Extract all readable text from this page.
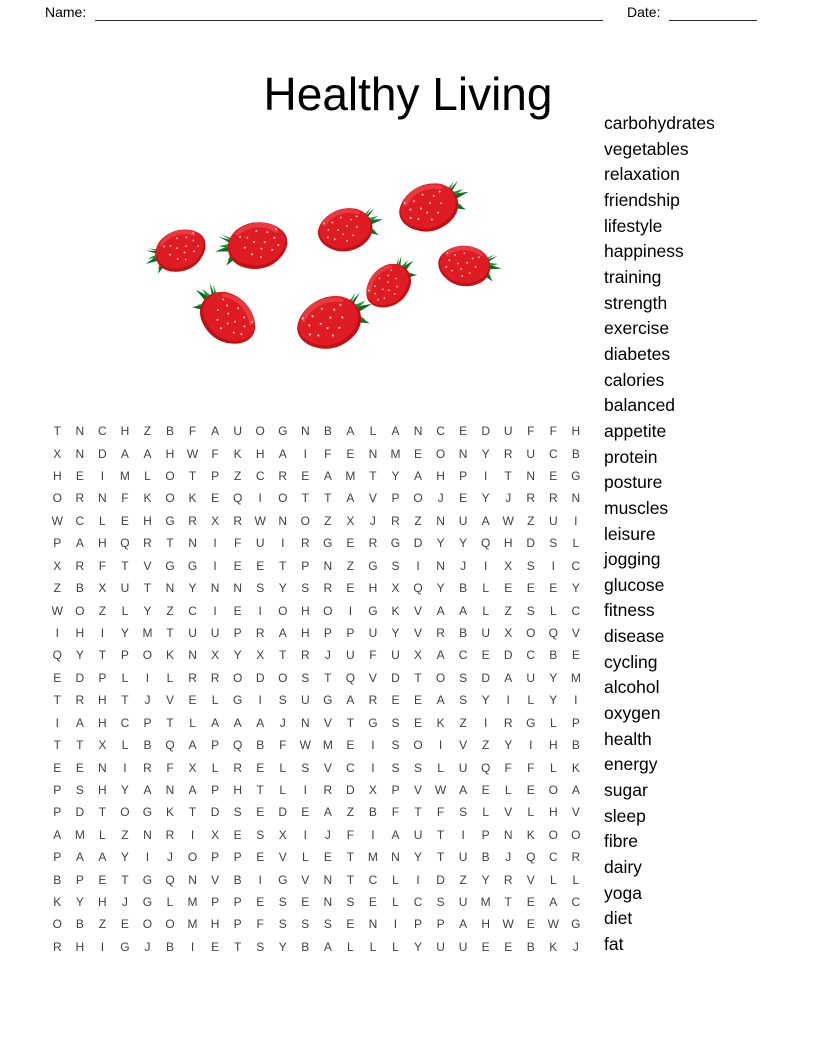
Name:	Date:
Healthy Living
carbohydrates
vegetables
relaxation
friendship
lifestyle
happiness
training
strength
exercise
diabetes
calories
balanced
appetite
protein
posture
muscles
leisure
jogging
glucose
fitness
disease
cycling
alcohol
oxygen
health
energy
sugar
sleep
fibre
dairy
yoga
diet
fat
T	N	C	H	Z	B	F	A	U	O	G	N	B	A	L	A	N	C	E	D	U	F	F	H
X	N	D	A	A	H	W	F	K	H	A	I	F	E	N	M	E	O	N	Y	R	U	C	B
H	E	I	M	L	O	T	P	Z	C	R	E	A	M	T	Y	A	H	P	I	T	N	E	G
O	R	N	F	K	O	K	E	Q	I	O	T	T	A	V	P	O	J	E	Y	J	R	R	N
W	C	L	E	H	G	R	X	R	W	N	O	Z	X	J	R	Z	N	U	A	W	Z	U	I
P	A	H	Q	R	T	N	I	F	U	I	R	G	E	R	G	D	Y	Y	Q	H	D	S	L
X	R	F	T	V	G	G	I	E	E	T	P	N	Z	G	S	I	N	J	I	X	S	I	C
Z	B	X	U	T	N	Y	N	N	S	Y	S	R	E	H	X	Q	Y	B	L	E	E	E	Y
W	O	Z	L	Y	Z	C	I	E	I	O	H	O	I	G	K	V	A	A	L	Z	S	L	C
I	H	I	Y	M	T	U	U	P	R	A	H	P	P	U	Y	V	R	B	U	X	O	Q	V
Q	Y	T	P	O	K	N	X	Y	X	T	R	J	U	F	U	X	A	C	E	D	C	B	E
E	D	P	L	I	L	R	R	O	D	O	S	T	Q	V	D	T	O	S	D	A	U	Y	M
T	R	H	T	J	V	E	L	G	I	S	U	G	A	R	E	E	A	S	Y	I	L	Y	I
I	A	H	C	P	T	L	A	A	A	J	N	V	T	G	S	E	K	Z	I	R	G	L	P
T	T	X	L	B	Q	A	P	Q	B	F	W M	E	I	S	O	I	V	Z	Y	I	H	B
E	E	N	I	R	F	X	L	R	E	L	S	V	C	I	S	S	L	U	Q	F	F	L	K
P	S	H	Y	A	N	A	P	H	T	L	I	R	D	X	P	V	W	A	E	L	E	O	A
P	D	T	O	G	K	T	D	S	E	D	E	A	Z	B	F	T	F	S	L	V	L	H	V
A	M	L	Z	N	R	I	X	E	S	X	I	J	F	I	A	U	T	I	P	N	K	O	O
P	A	A	Y	I	J	O	P	P	E	V	L	E	T	M	N	Y	T	U	B	J	Q	C	R
B	P	E	T	G	Q	N	V	B	I	G	V	N	T	C	L	I	D	Z	Y	R	V	L	L
K	Y	H	J	G	L	M	P	P	E	S	E	N	S	E	L	C	S	U	M	T	E	A	C
O	B	Z	E	O	O	M	H	P	F	S	S	S	E	N	I	P	P	A	H	W	E	W	G
R	H	I	G	J	B	I	E	T	S	Y	B	A	L	L	L	Y	U	U	E	E	B	K	J
